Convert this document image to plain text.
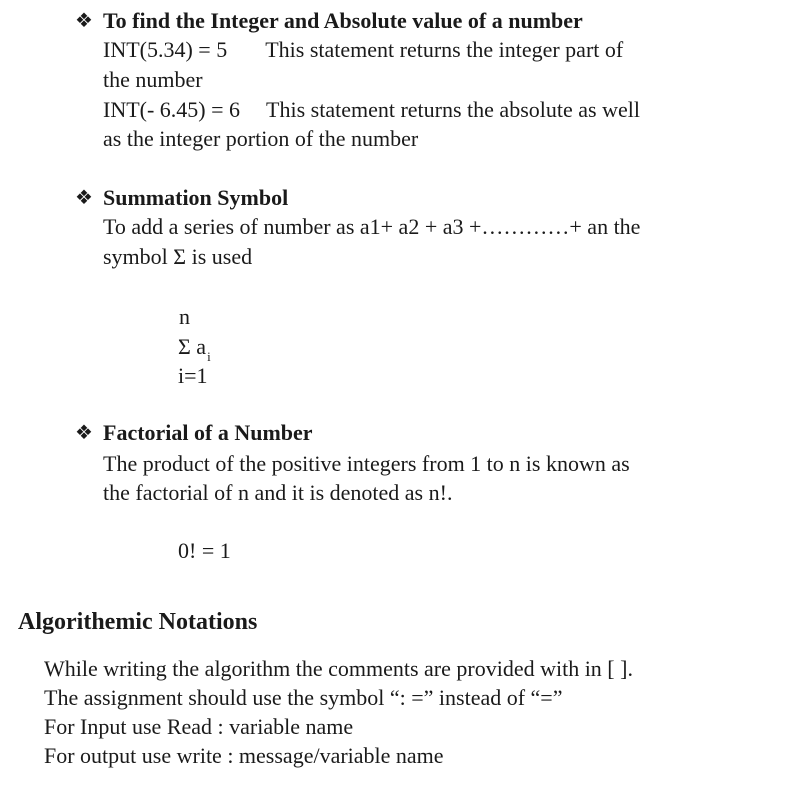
❖ To find the Integer and Absolute value of a number
INT(5.34) = 5 This statement returns the integer part of
the number
INT(- 6.45) = 6 This statement returns the absolute as well
as the integer portion of the number
❖ Summation Symbol
To add a series of number as a1+ a2 + a3 +…………+ an the
symbol Σ is used
n
Σ $a_i$
i=1
❖ Factorial of a Number
The product of the positive integers from 1 to n is known as
the factorial of n and it is denoted as n!.
0! = 1
Algorithemic Notations
While writing the algorithm the comments are provided with in [ ].
The assignment should use the symbol “: =” instead of “=”
For Input use Read : variable name
For output use write : message/variable name
